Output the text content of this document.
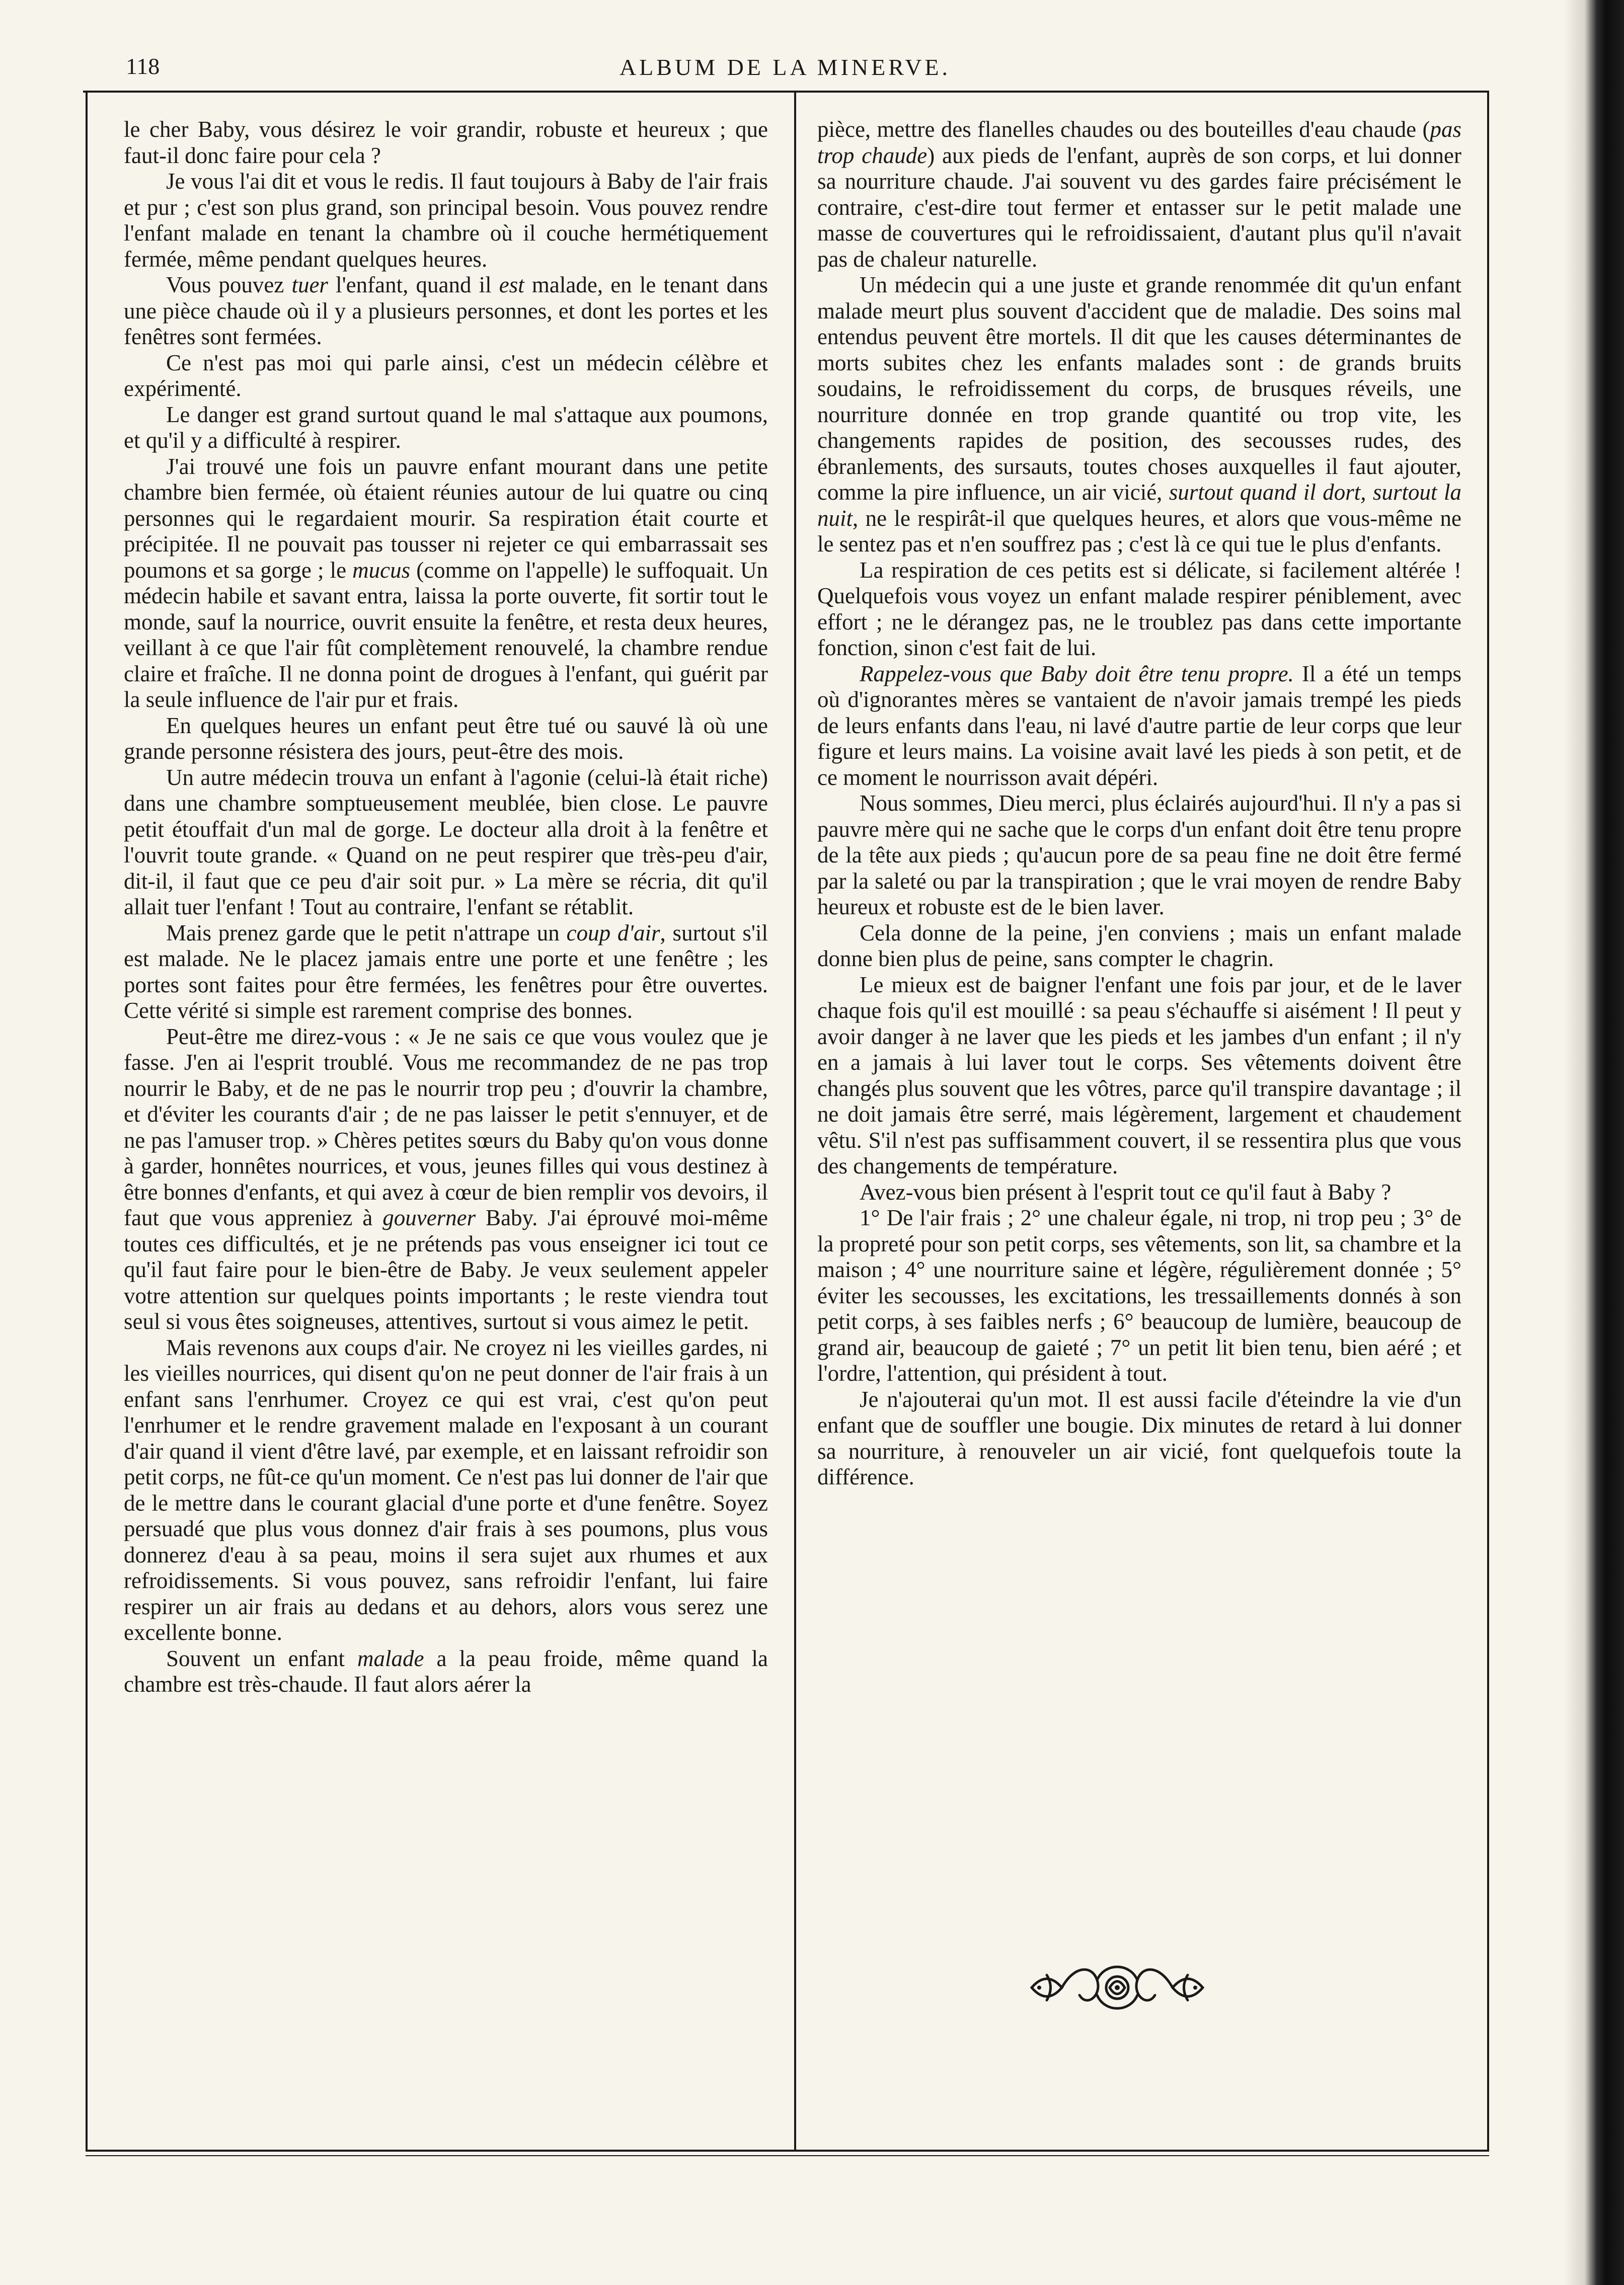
118	ALBUM DE LA MINERVE.

le cher Baby, vous désirez le voir grandir, robuste et heureux ; que faut-il donc faire pour cela ?

Je vous l'ai dit et vous le redis. Il faut toujours à Baby de l'air frais et pur ; c'est son plus grand, son principal besoin. Vous pouvez rendre l'enfant malade en tenant la chambre où il couche hermétiquement fermée, même pendant quelques heures.

Vous pouvez tuer l'enfant, quand il est malade, en le tenant dans une pièce chaude où il y a plusieurs personnes, et dont les portes et les fenêtres sont fermées.

Ce n'est pas moi qui parle ainsi, c'est un médecin célèbre et expérimenté.

Le danger est grand surtout quand le mal s'attaque aux poumons, et qu'il y a difficulté à respirer.

J'ai trouvé une fois un pauvre enfant mourant dans une petite chambre bien fermée, où étaient réunies autour de lui quatre ou cinq personnes qui le regardaient mourir. Sa respiration était courte et précipitée. Il ne pouvait pas tousser ni rejeter ce qui embarrassait ses poumons et sa gorge ; le mucus (comme on l'appelle) le suffoquait. Un médecin habile et savant entra, laissa la porte ouverte, fit sortir tout le monde, sauf la nourrice, ouvrit ensuite la fenêtre, et resta deux heures, veillant à ce que l'air fût complètement renouvelé, la chambre rendue claire et fraîche. Il ne donna point de drogues à l'enfant, qui guérit par la seule influence de l'air pur et frais.

En quelques heures un enfant peut être tué ou sauvé là où une grande personne résistera des jours, peut-être des mois.

Un autre médecin trouva un enfant à l'agonie (celui-là était riche) dans une chambre somptueusement meublée, bien close. Le pauvre petit étouffait d'un mal de gorge. Le docteur alla droit à la fenêtre et l'ouvrit toute grande. « Quand on ne peut respirer que très-peu d'air, dit-il, il faut que ce peu d'air soit pur. » La mère se récria, dit qu'il allait tuer l'enfant ! Tout au contraire, l'enfant se rétablit.

Mais prenez garde que le petit n'attrape un coup d'air, surtout s'il est malade. Ne le placez jamais entre une porte et une fenêtre ; les portes sont faites pour être fermées, les fenêtres pour être ouvertes. Cette vérité si simple est rarement comprise des bonnes.

Peut-être me direz-vous : « Je ne sais ce que vous voulez que je fasse. J'en ai l'esprit troublé. Vous me recommandez de ne pas trop nourrir le Baby, et de ne pas le nourrir trop peu ; d'ouvrir la chambre, et d'éviter les courants d'air ; de ne pas laisser le petit s'ennuyer, et de ne pas l'amuser trop. » Chères petites sœurs du Baby qu'on vous donne à garder, honnêtes nourrices, et vous, jeunes filles qui vous destinez à être bonnes d'enfants, et qui avez à cœur de bien remplir vos devoirs, il faut que vous appreniez à gouverner Baby. J'ai éprouvé moi-même toutes ces difficultés, et je ne prétends pas vous enseigner ici tout ce qu'il faut faire pour le bien-être de Baby. Je veux seulement appeler votre attention sur quelques points importants ; le reste viendra tout seul si vous êtes soigneuses, attentives, surtout si vous aimez le petit.

Mais revenons aux coups d'air. Ne croyez ni les vieilles gardes, ni les vieilles nourrices, qui disent qu'on ne peut donner de l'air frais à un enfant sans l'enrhumer. Croyez ce qui est vrai, c'est qu'on peut l'enrhumer et le rendre gravement malade en l'exposant à un courant d'air quand il vient d'être lavé, par exemple, et en laissant refroidir son petit corps, ne fût-ce qu'un moment. Ce n'est pas lui donner de l'air que de le mettre dans le courant glacial d'une porte et d'une fenêtre. Soyez persuadé que plus vous donnez d'air frais à ses poumons, plus vous donnerez d'eau à sa peau, moins il sera sujet aux rhumes et aux refroidissements. Si vous pouvez, sans refroidir l'enfant, lui faire respirer un air frais au dedans et au dehors, alors vous serez une excellente bonne.

Souvent un enfant malade a la peau froide, même quand la chambre est très-chaude. Il faut alors aérer la

pièce, mettre des flanelles chaudes ou des bouteilles d'eau chaude (pas trop chaude) aux pieds de l'enfant, auprès de son corps, et lui donner sa nourriture chaude. J'ai souvent vu des gardes faire précisément le contraire, c'est-dire tout fermer et entasser sur le petit malade une masse de couvertures qui le refroidissaient, d'autant plus qu'il n'avait pas de chaleur naturelle.

Un médecin qui a une juste et grande renommée dit qu'un enfant malade meurt plus souvent d'accident que de maladie. Des soins mal entendus peuvent être mortels. Il dit que les causes déterminantes de morts subites chez les enfants malades sont : de grands bruits soudains, le refroidissement du corps, de brusques réveils, une nourriture donnée en trop grande quantité ou trop vite, les changements rapides de position, des secousses rudes, des ébranlements, des sursauts, toutes choses auxquelles il faut ajouter, comme la pire influence, un air vicié, surtout quand il dort, surtout la nuit, ne le respirât-il que quelques heures, et alors que vous-même ne le sentez pas et n'en souffrez pas ; c'est là ce qui tue le plus d'enfants.

La respiration de ces petits est si délicate, si facilement altérée ! Quelquefois vous voyez un enfant malade respirer péniblement, avec effort ; ne le dérangez pas, ne le troublez pas dans cette importante fonction, sinon c'est fait de lui.

Rappelez-vous que Baby doit être tenu propre. Il a été un temps où d'ignorantes mères se vantaient de n'avoir jamais trempé les pieds de leurs enfants dans l'eau, ni lavé d'autre partie de leur corps que leur figure et leurs mains. La voisine avait lavé les pieds à son petit, et de ce moment le nourrisson avait dépéri.

Nous sommes, Dieu merci, plus éclairés aujourd'hui. Il n'y a pas si pauvre mère qui ne sache que le corps d'un enfant doit être tenu propre de la tête aux pieds ; qu'aucun pore de sa peau fine ne doit être fermé par la saleté ou par la transpiration ; que le vrai moyen de rendre Baby heureux et robuste est de le bien laver.

Cela donne de la peine, j'en conviens ; mais un enfant malade donne bien plus de peine, sans compter le chagrin.

Le mieux est de baigner l'enfant une fois par jour, et de le laver chaque fois qu'il est mouillé : sa peau s'échauffe si aisément ! Il peut y avoir danger à ne laver que les pieds et les jambes d'un enfant ; il n'y en a jamais à lui laver tout le corps. Ses vêtements doivent être changés plus souvent que les vôtres, parce qu'il transpire davantage ; il ne doit jamais être serré, mais légèrement, largement et chaudement vêtu. S'il n'est pas suffisamment couvert, il se ressentira plus que vous des changements de température.

Avez-vous bien présent à l'esprit tout ce qu'il faut à Baby ?

1° De l'air frais ; 2° une chaleur égale, ni trop, ni trop peu ; 3° de la propreté pour son petit corps, ses vêtements, son lit, sa chambre et la maison ; 4° une nourriture saine et légère, régulièrement donnée ; 5° éviter les secousses, les excitations, les tressaillements donnés à son petit corps, à ses faibles nerfs ; 6° beaucoup de lumière, beaucoup de grand air, beaucoup de gaieté ; 7° un petit lit bien tenu, bien aéré ; et l'ordre, l'attention, qui président à tout.

Je n'ajouterai qu'un mot. Il est aussi facile d'éteindre la vie d'un enfant que de souffler une bougie. Dix minutes de retard à lui donner sa nourriture, à renouveler un air vicié, font quelquefois toute la différence.
